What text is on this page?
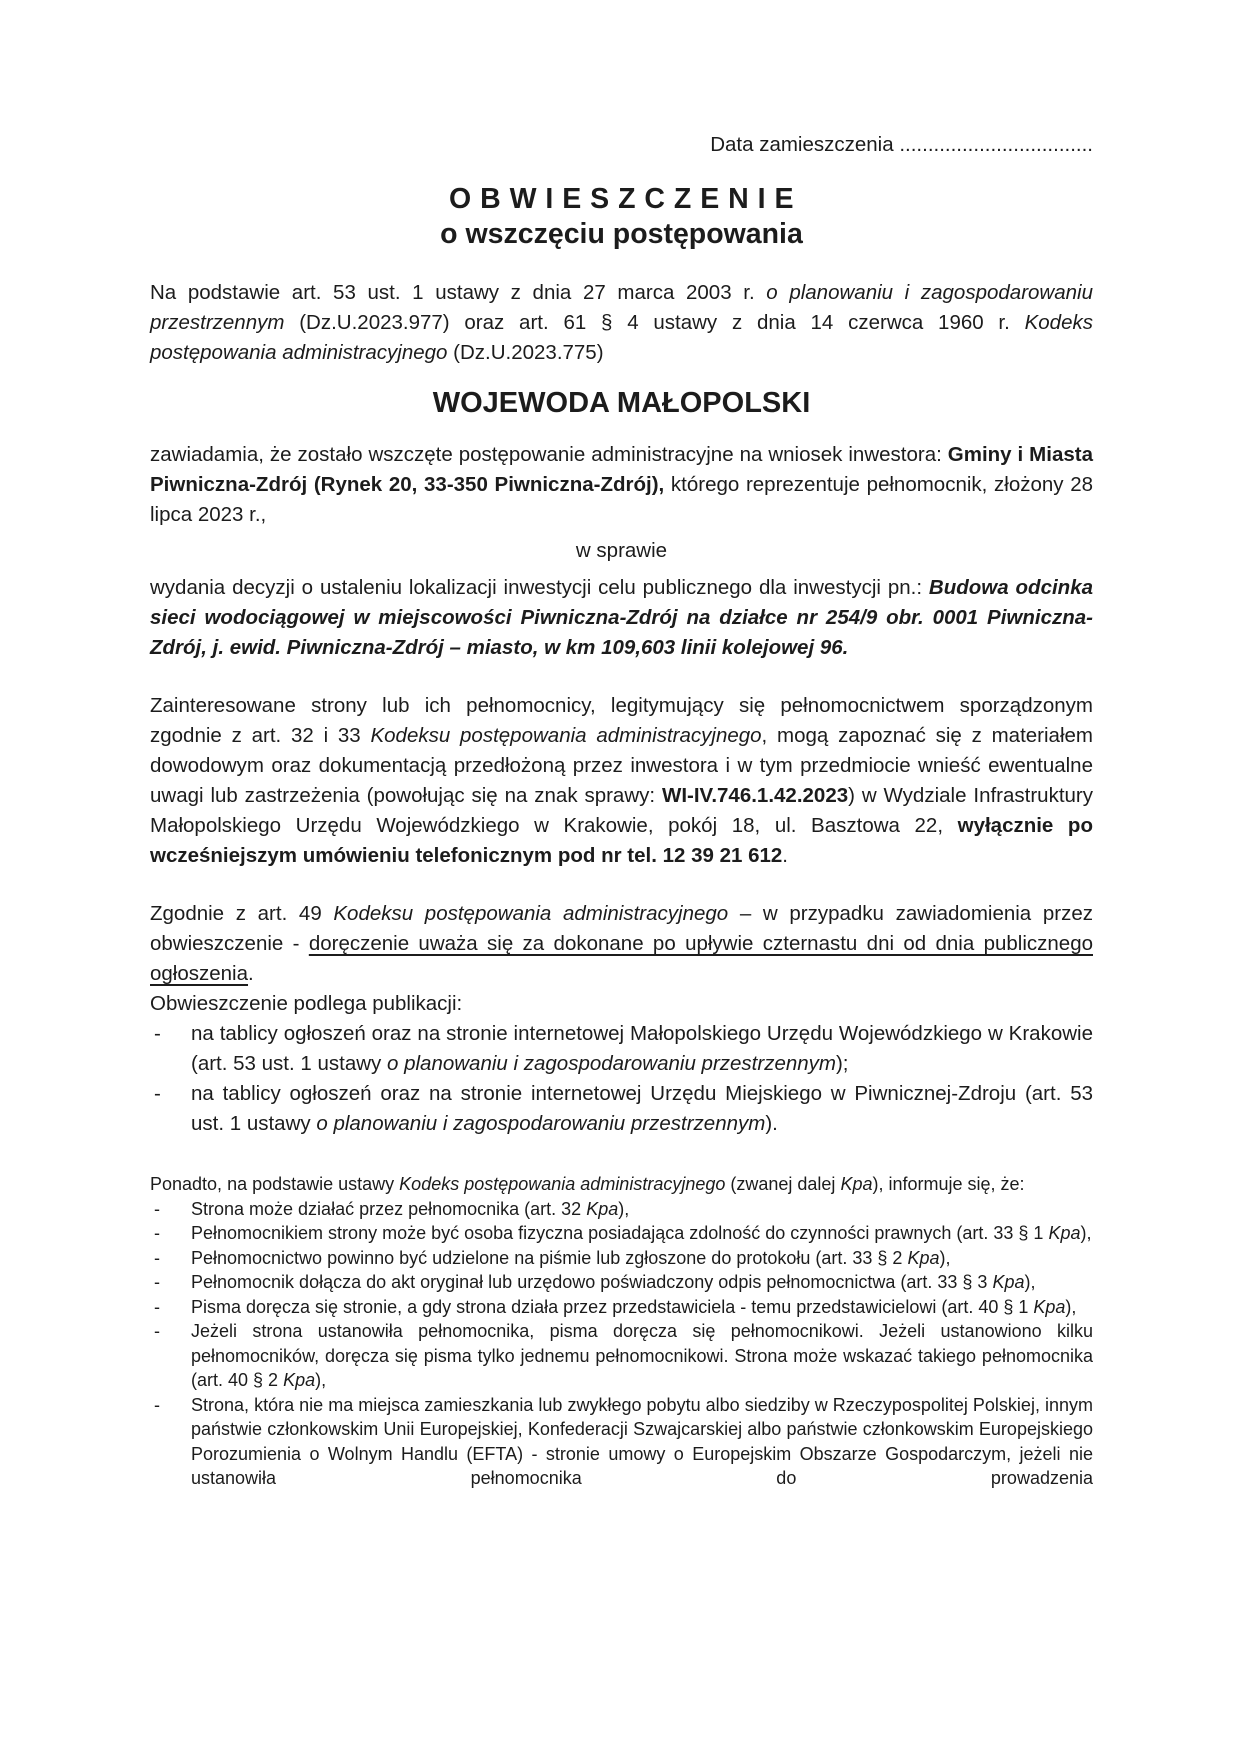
Data zamieszczenia ..................................

O B W I E S Z C Z E N I E

o wszczęciu postępowania

Na podstawie art. 53 ust. 1 ustawy z dnia 27 marca 2003 r. o planowaniu i zagospodarowaniu przestrzennym (Dz.U.2023.977) oraz art. 61 § 4 ustawy z dnia 14 czerwca 1960 r. Kodeks postępowania administracyjnego (Dz.U.2023.775)

WOJEWODA MAŁOPOLSKI

zawiadamia, że zostało wszczęte postępowanie administracyjne na wniosek inwestora: Gminy i Miasta Piwniczna-Zdrój (Rynek 20, 33-350 Piwniczna-Zdrój), którego reprezentuje pełnomocnik, złożony 28 lipca 2023 r.,

w sprawie

wydania decyzji o ustaleniu lokalizacji inwestycji celu publicznego dla inwestycji pn.: Budowa odcinka sieci wodociągowej w miejscowości Piwniczna-Zdrój na działce nr 254/9 obr. 0001 Piwniczna-Zdrój, j. ewid. Piwniczna-Zdrój – miasto, w km 109,603 linii kolejowej 96.

Zainteresowane strony lub ich pełnomocnicy, legitymujący się pełnomocnictwem sporządzonym zgodnie z art. 32 i 33 Kodeksu postępowania administracyjnego, mogą zapoznać się z materiałem dowodowym oraz dokumentacją przedłożoną przez inwestora i w tym przedmiocie wnieść ewentualne uwagi lub zastrzeżenia (powołując się na znak sprawy: WI-IV.746.1.42.2023) w Wydziale Infrastruktury Małopolskiego Urzędu Wojewódzkiego w Krakowie, pokój 18, ul. Basztowa 22, wyłącznie po wcześniejszym umówieniu telefonicznym pod nr tel. 12 39 21 612.

Zgodnie z art. 49 Kodeksu postępowania administracyjnego – w przypadku zawiadomienia przez obwieszczenie - doręczenie uważa się za dokonane po upływie czternastu dni od dnia publicznego ogłoszenia.

Obwieszczenie podlega publikacji:

- na tablicy ogłoszeń oraz na stronie internetowej Małopolskiego Urzędu Wojewódzkiego w Krakowie (art. 53 ust. 1 ustawy o planowaniu i zagospodarowaniu przestrzennym);
- na tablicy ogłoszeń oraz na stronie internetowej Urzędu Miejskiego w Piwnicznej-Zdroju (art. 53 ust. 1 ustawy o planowaniu i zagospodarowaniu przestrzennym).

Ponadto, na podstawie ustawy Kodeks postępowania administracyjnego (zwanej dalej Kpa), informuje się, że:

- Strona może działać przez pełnomocnika (art. 32 Kpa),
- Pełnomocnikiem strony może być osoba fizyczna posiadająca zdolność do czynności prawnych (art. 33 § 1 Kpa),
- Pełnomocnictwo powinno być udzielone na piśmie lub zgłoszone do protokołu (art. 33 § 2 Kpa),
- Pełnomocnik dołącza do akt oryginał lub urzędowo poświadczony odpis pełnomocnictwa (art. 33 § 3 Kpa),
- Pisma doręcza się stronie, a gdy strona działa przez przedstawiciela - temu przedstawicielowi (art. 40 § 1 Kpa),
- Jeżeli strona ustanowiła pełnomocnika, pisma doręcza się pełnomocnikowi. Jeżeli ustanowiono kilku pełnomocników, doręcza się pisma tylko jednemu pełnomocnikowi. Strona może wskazać takiego pełnomocnika (art. 40 § 2 Kpa),
- Strona, która nie ma miejsca zamieszkania lub zwykłego pobytu albo siedziby w Rzeczypospolitej Polskiej, innym państwie członkowskim Unii Europejskiej, Konfederacji Szwajcarskiej albo państwie członkowskim Europejskiego Porozumienia o Wolnym Handlu (EFTA) - stronie umowy o Europejskim Obszarze Gospodarczym, jeżeli nie ustanowiła pełnomocnika do prowadzenia
